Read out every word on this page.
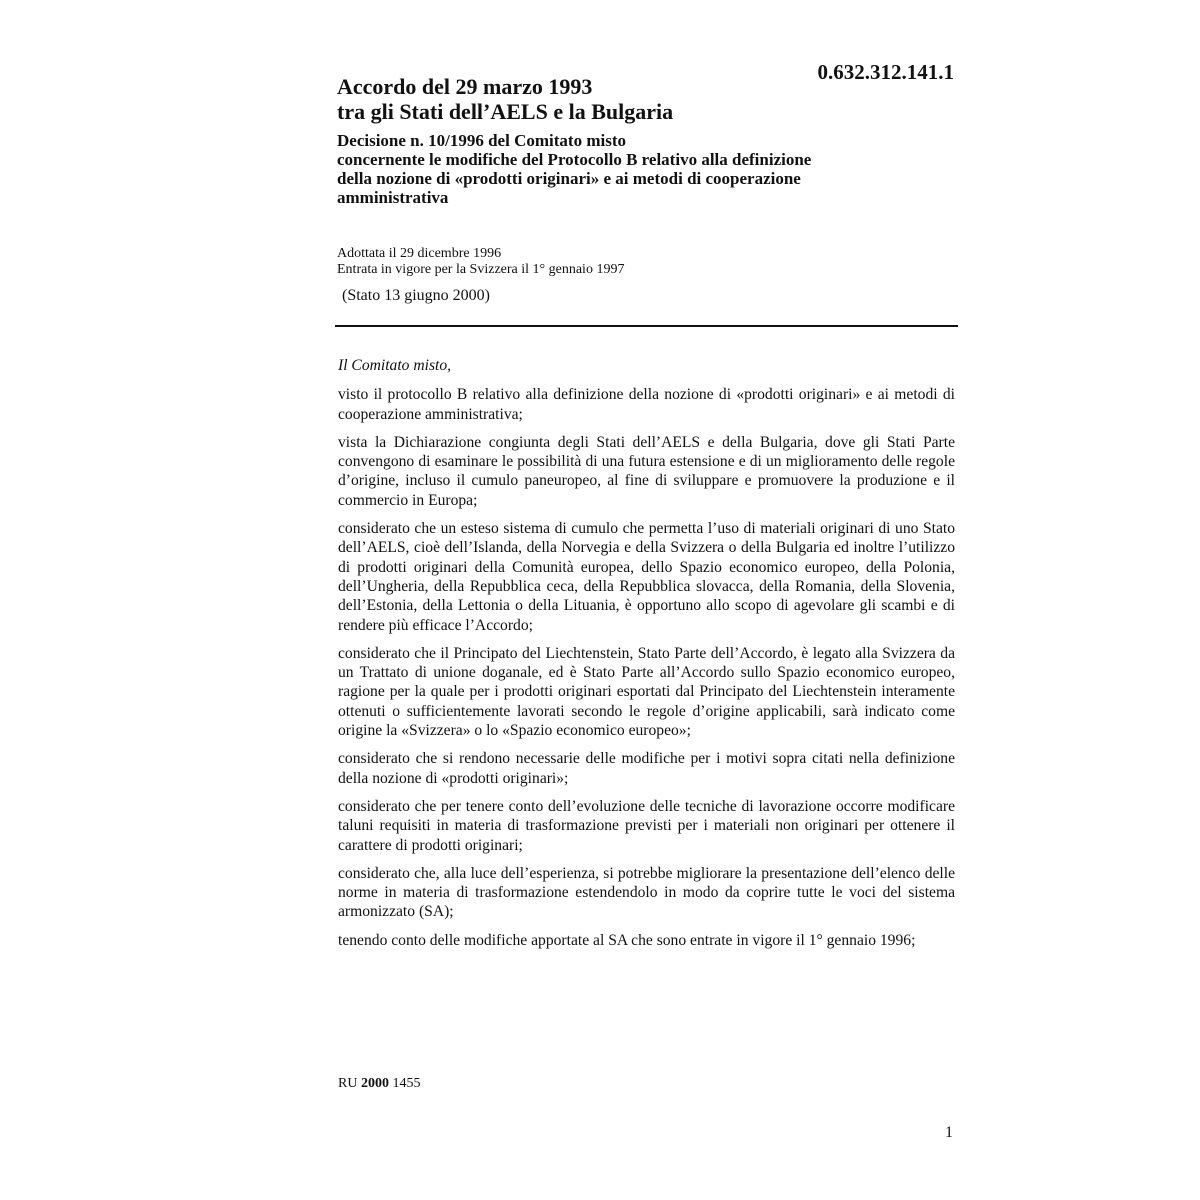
0.632.312.141.1
Accordo del 29 marzo 1993
tra gli Stati dell’AELS e la Bulgaria
Decisione n. 10/1996 del Comitato misto
concernente le modifiche del Protocollo B relativo alla definizione
della nozione di «prodotti originari» e ai metodi di cooperazione
amministrativa
Adottata il 29 dicembre 1996
Entrata in vigore per la Svizzera il 1° gennaio 1997
(Stato 13 giugno 2000)

Il Comitato misto,

visto il protocollo B relativo alla definizione della nozione di «prodotti originari» e ai metodi di cooperazione amministrativa;

vista la Dichiarazione congiunta degli Stati dell’AELS e della Bulgaria, dove gli Stati Parte convengono di esaminare le possibilità di una futura estensione e di un miglioramento delle regole d’origine, incluso il cumulo paneuropeo, al fine di sviluppare e promuovere la produzione e il commercio in Europa;

considerato che un esteso sistema di cumulo che permetta l’uso di materiali originari di uno Stato dell’AELS, cioè dell’Islanda, della Norvegia e della Svizzera o della Bulgaria ed inoltre l’utilizzo di prodotti originari della Comunità europea, dello Spazio economico europeo, della Polonia, dell’Ungheria, della Repubblica ceca, della Repubblica slovacca, della Romania, della Slovenia, dell’Estonia, della Lettonia o della Lituania, è opportuno allo scopo di agevolare gli scambi e di rendere più efficace l’Accordo;

considerato che il Principato del Liechtenstein, Stato Parte dell’Accordo, è legato alla Svizzera da un Trattato di unione doganale, ed è Stato Parte all’Accordo sullo Spazio economico europeo, ragione per la quale per i prodotti originari esportati dal Principato del Liechtenstein interamente ottenuti o sufficientemente lavorati secondo le regole d’origine applicabili, sarà indicato come origine la «Svizzera» o lo «Spazio economico europeo»;

considerato che si rendono necessarie delle modifiche per i motivi sopra citati nella definizione della nozione di «prodotti originari»;

considerato che per tenere conto dell’evoluzione delle tecniche di lavorazione occorre modificare taluni requisiti in materia di trasformazione previsti per i materiali non originari per ottenere il carattere di prodotti originari;

considerato che, alla luce dell’esperienza, si potrebbe migliorare la presentazione dell’elenco delle norme in materia di trasformazione estendendolo in modo da coprire tutte le voci del sistema armonizzato (SA);

tenendo conto delle modifiche apportate al SA che sono entrate in vigore il 1° gennaio 1996;

RU 2000 1455
1
